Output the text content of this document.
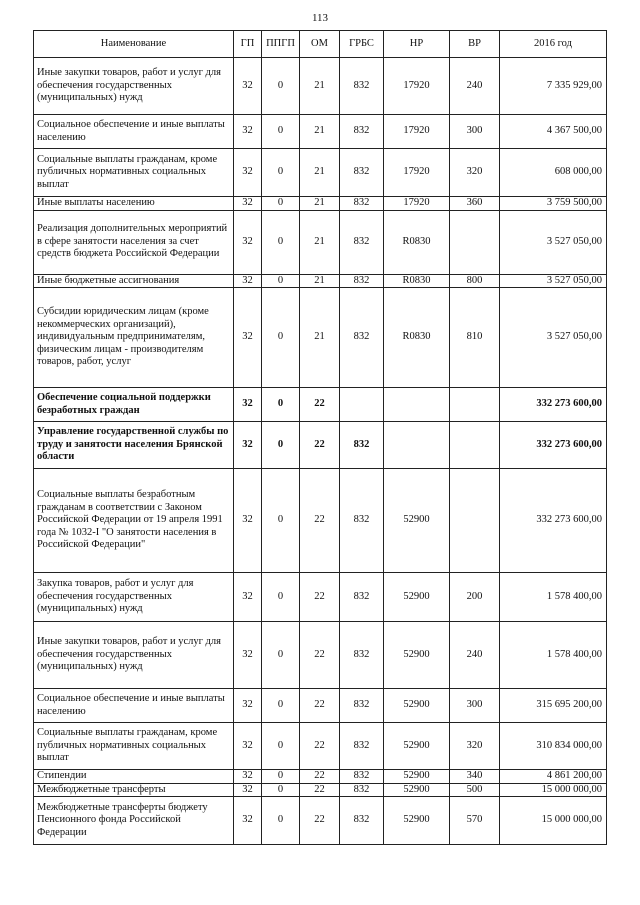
113
Наименование	ГП	ППГП	ОМ	ГРБС	НР	ВР	2016 год
Иные закупки товаров, работ и услуг для обеспечения государственных (муниципальных) нужд	32	0	21	832	17920	240	7 335 929,00
Социальное обеспечение и иные выплаты населению	32	0	21	832	17920	300	4 367 500,00
Социальные выплаты гражданам, кроме публичных нормативных социальных выплат	32	0	21	832	17920	320	608 000,00
Иные выплаты населению	32	0	21	832	17920	360	3 759 500,00
Реализация дополнительных мероприятий в сфере занятости населения за счет средств бюджета Российской Федерации	32	0	21	832	R0830		3 527 050,00
Иные бюджетные ассигнования	32	0	21	832	R0830	800	3 527 050,00
Субсидии юридическим лицам (кроме некоммерческих организаций), индивидуальным предпринимателям, физическим лицам - производителям товаров, работ, услуг	32	0	21	832	R0830	810	3 527 050,00
Обеспечение социальной поддержки безработных граждан	32	0	22				332 273 600,00
Управление государственной службы по труду и занятости населения Брянской области	32	0	22	832			332 273 600,00
Социальные выплаты безработным гражданам в соответствии с Законом Российской Федерации от 19 апреля 1991 года № 1032-I "О занятости населения в Российской Федерации"	32	0	22	832	52900		332 273 600,00
Закупка товаров, работ и услуг для обеспечения государственных (муниципальных) нужд	32	0	22	832	52900	200	1 578 400,00
Иные закупки товаров, работ и услуг для обеспечения государственных (муниципальных) нужд	32	0	22	832	52900	240	1 578 400,00
Социальное обеспечение и иные выплаты населению	32	0	22	832	52900	300	315 695 200,00
Социальные выплаты гражданам, кроме публичных нормативных социальных выплат	32	0	22	832	52900	320	310 834 000,00
Стипендии	32	0	22	832	52900	340	4 861 200,00
Межбюджетные трансферты	32	0	22	832	52900	500	15 000 000,00
Межбюджетные трансферты бюджету Пенсионного фонда Российской Федерации	32	0	22	832	52900	570	15 000 000,00
